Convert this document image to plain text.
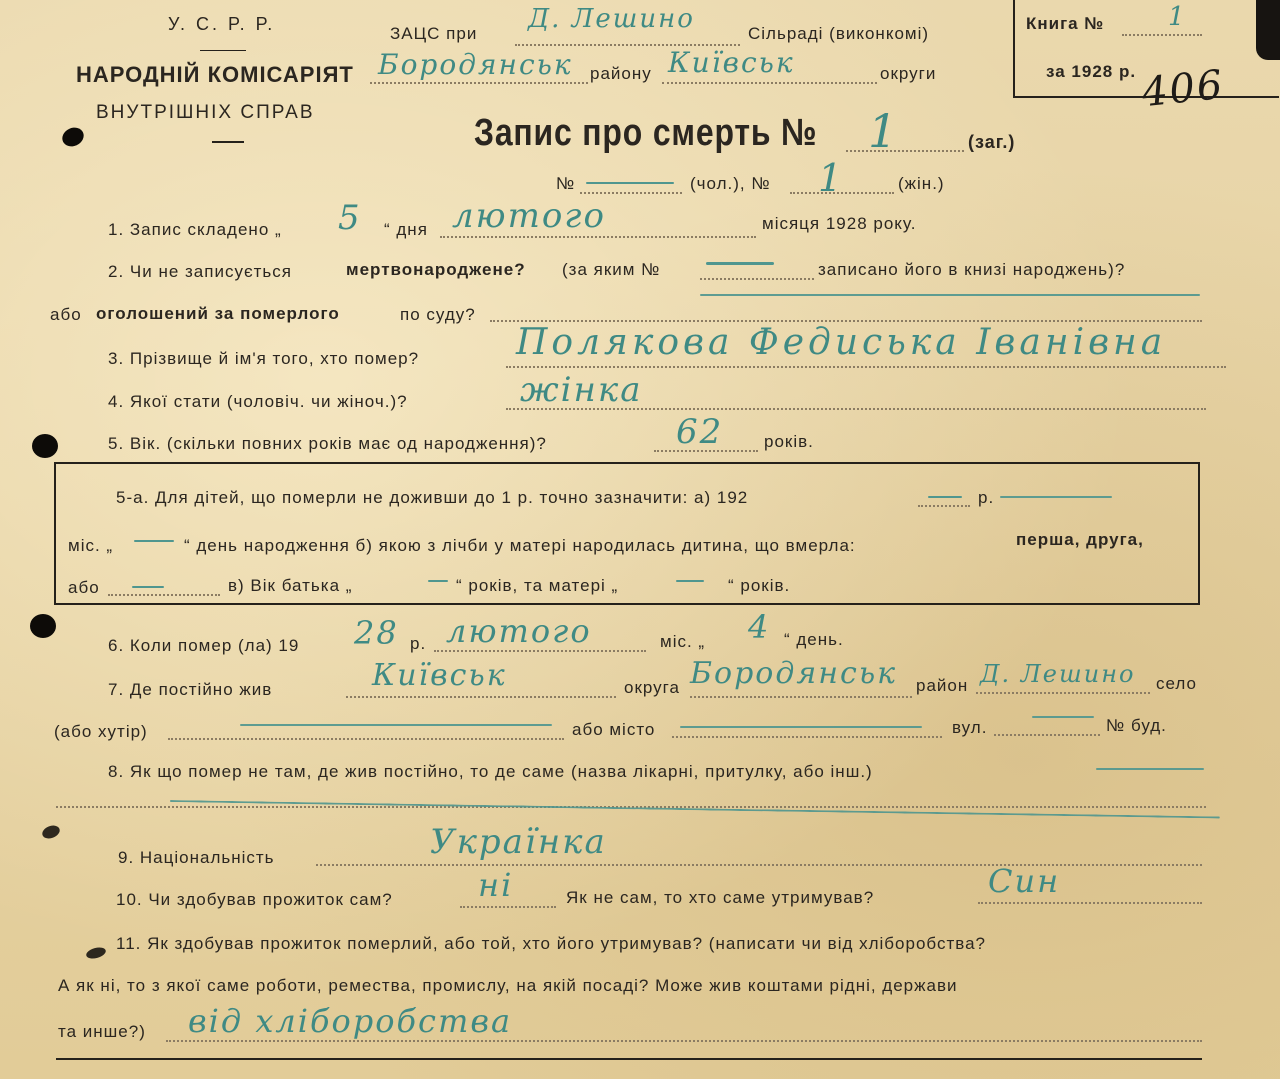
У. С. Р. Р.
НАРОДНІЙ КОМІСАРІЯТ
ВНУТРІШНІХ СПРАВ
ЗАЦС при Д. Лешино	Сільраді (виконкомі)
Бородянськ району Київськ	округи
Книга № 1
за 1928 р. 406
Запис про смерть № 1	(заг.)
№	(чол.), № 1	(жін.)
1. Запис складено „ 5 “ дня лютого	місяця 1928 року.
2. Чи не записується	мертвонароджене? (за яким №	записано його в книзі народжень)?
або оголошений за померлого	по суду?
3. Прізвище й ім'я того, хто помер?	Полякова Федиська Іванівна
4. Якої стати (чоловіч. чи жіноч.)?	жінка
5. Вік. (скільки повних років має од народження)?	62 років.
5-а. Для дітей, що померли не доживши до 1 р. точно зазначити: а) 192	р.
міс. „	“ день народження б) якою з лічби у матері народилась дитина, що вмерла:	перша, друга,
або	в) Вік батька „	“ років, та матері „	“ років.
6. Коли помер (ла) 19 28 р. лютого	міс. „ 4 “ день.
7. Де постійно жив	Київськ	округа Бородянськ район Д. Лешино село
(або хутір)	або місто	вул.	№ буд.
8. Як що помер не там, де жив постійно, то де саме (назва лікарні, притулку, або інш.)
9. Національність	Українка
10. Чи здобував прожиток сам?	ні	Як не сам, то хто саме утримував?	Син
11. Як здобував прожиток померлий, або той, хто його утримував? (написати чи від хліборобства?
А як ні, то з якої саме роботи, ремества, промислу, на якій посаді? Може жив коштами рідні, держави
та инше?) від хліборобства
